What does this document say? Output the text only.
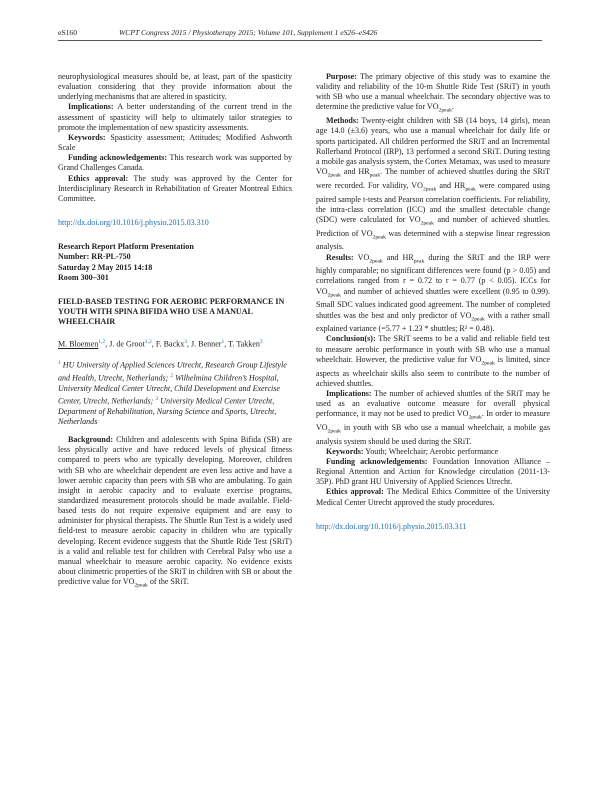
eS160	WCPT Congress 2015 / Physiotherapy 2015; Volume 101, Supplement 1 eS26–eS426

neurophysiological measures should be, at least, part of the spasticity evaluation considering that they provide information about the underlying mechanisms that are altered in spasticity.

Implications: A better understanding of the current trend in the assessment of spasticity will help to ultimately tailor strategies to promote the implementation of new spasticity assessments.

Keywords: Spasticity assessment; Attitudes; Modified Ashworth Scale

Funding acknowledgements: This research work was supported by Grand Challenges Canada.

Ethics approval: The study was approved by the Center for Interdisciplinary Research in Rehabilitation of Greater Montreal Ethics Committee.

http://dx.doi.org/10.1016/j.physio.2015.03.310
Research Report Platform Presentation
Number: RR-PL-750
Saturday 2 May 2015 14:18
Room 300–301
FIELD-BASED TESTING FOR AEROBIC PERFORMANCE IN YOUTH WITH SPINA BIFIDA WHO USE A MANUAL WHEELCHAIR
M. Bloemen$^{1,2}$, J. de Groot$^{1,2}$, F. Backx$^3$, J. Benner$^1$, T. Takken$^2$
$^1$ HU University of Applied Sciences Utrecht, Research Group Lifestyle and Health, Utrecht, Netherlands; $^2$ Wilhelmina Children’s Hospital, University Medical Center Utrecht, Child Development and Exercise Center, Utrecht, Netherlands; $^3$ University Medical Center Utrecht, Department of Rehabilitation, Nursing Science and Sports, Utrecht, Netherlands

Background: Children and adolescents with Spina Bifida (SB) are less physically active and have reduced levels of physical fitness compared to peers who are typically developing. Moreover, children with SB who are wheelchair dependent are even less active and have a lower aerobic capacity than peers with SB who are ambulating. To gain insight in aerobic capacity and to evaluate exercise programs, standardized measurement protocols should be made available. Field-based tests do not require expensive equipment and are easy to administer for physical therapists. The Shuttle Run Test is a widely used field-test to measure aerobic capacity in children who are typically developing. Recent evidence suggests that the Shuttle Ride Test (SRiT) is a valid and reliable test for children with Cerebral Palsy who use a manual wheelchair to measure aerobic capacity. No evidence exists about clinimetric properties of the SRiT in children with SB or about the predictive value for $VO_{2peak}$ of the SRiT.

Purpose: The primary objective of this study was to examine the validity and reliability of the 10-m Shuttle Ride Test (SRiT) in youth with SB who use a manual wheelchair. The secondary objective was to determine the predictive value for $VO_{2peak}$.

Methods: Twenty-eight children with SB (14 boys, 14 girls), mean age 14.0 (±3.6) years, who use a manual wheelchair for daily life or sports participated. All children performed the SRiT and an Incremental Rollerband Protocol (IRP), 13 performed a second SRiT. During testing a mobile gas analysis system, the Cortex Metamax, was used to measure $VO_{2peak}$ and $HR_{peak}$. The number of achieved shuttles during the SRiT were recorded. For validity, $VO_{2peak}$ and $HR_{peak}$ were compared using paired sample t-tests and Pearson correlation coefficients. For reliability, the intra-class correlation (ICC) and the smallest detectable change (SDC) were calculated for $VO_{2peak}$ and number of achieved shuttles. Prediction of $VO_{2peak}$ was determined with a stepwise linear regression analysis.

Results: $VO_{2peak}$ and $HR_{peak}$ during the SRiT and the IRP were highly comparable; no significant differences were found (p > 0.05) and correlations ranged from r = 0.72 to r = 0.77 (p < 0.05). ICCs for $VO_{2peak}$ and number of achieved shuttles were excellent (0.95 to 0.99). Small SDC values indicated good agreement. The number of completed shuttles was the best and only predictor of $VO_{2peak}$ with a rather small explained variance (=5.77 + 1.23 * shuttles; R² = 0.48).

Conclusion(s): The SRiT seems to be a valid and reliable field test to measure aerobic performance in youth with SB who use a manual wheelchair. However, the predictive value for $VO_{2peak}$ is limited, since aspects as wheelchair skills also seem to contribute to the number of achieved shuttles.

Implications: The number of achieved shuttles of the SRiT may be used as an evaluative outcome measure for overall physical performance, it may not be used to predict $VO_{2peak}$. In order to measure $VO_{2peak}$ in youth with SB who use a manual wheelchair, a mobile gas analysis system should be used during the SRiT.

Keywords: Youth; Wheelchair; Aerobic performance

Funding acknowledgements: Foundation Innovation Alliance – Regional Attention and Action for Knowledge circulation (2011-13-35P). PhD grant HU University of Applied Sciences Utrecht.

Ethics approval: The Medical Ethics Committee of the University Medical Center Utrecht approved the study procedures.

http://dx.doi.org/10.1016/j.physio.2015.03.311
